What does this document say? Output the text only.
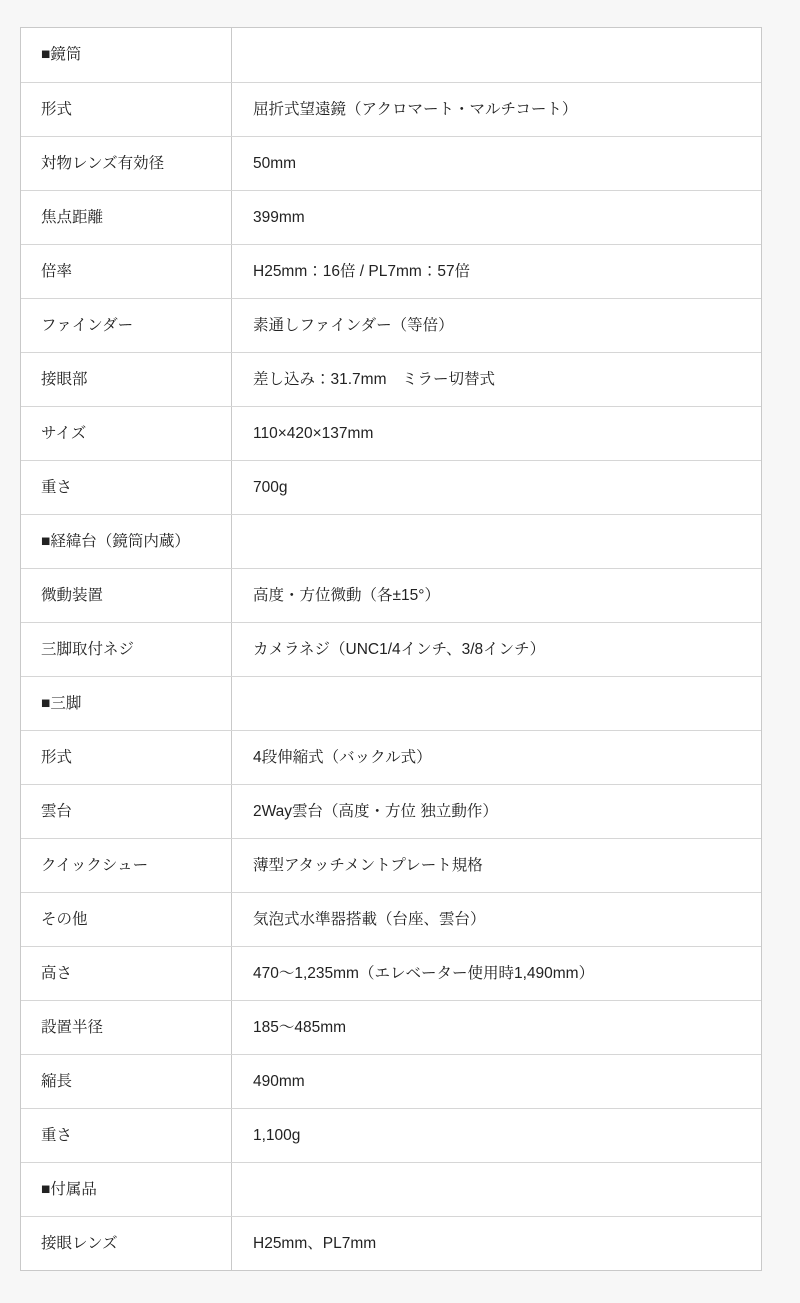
■鏡筒
形式	屈折式望遠鏡（アクロマート・マルチコート）
対物レンズ有効径	50mm
焦点距離	399mm
倍率	H25mm：16倍 / PL7mm：57倍
ファインダー	素通しファインダー（等倍）
接眼部	差し込み：31.7mm　ミラー切替式
サイズ	110×420×137mm
重さ	700g
■経緯台（鏡筒内蔵）
微動装置	高度・方位微動（各±15°）
三脚取付ネジ	カメラネジ（UNC1/4インチ、3/8インチ）
■三脚
形式	4段伸縮式（バックル式）
雲台	2Way雲台（高度・方位 独立動作）
クイックシュー	薄型アタッチメントプレート規格
その他	気泡式水準器搭載（台座、雲台）
高さ	470～1,235mm（エレベーター使用時1,490mm）
設置半径	185～485mm
縮長	490mm
重さ	1,100g
■付属品
接眼レンズ	H25mm、PL7mm
